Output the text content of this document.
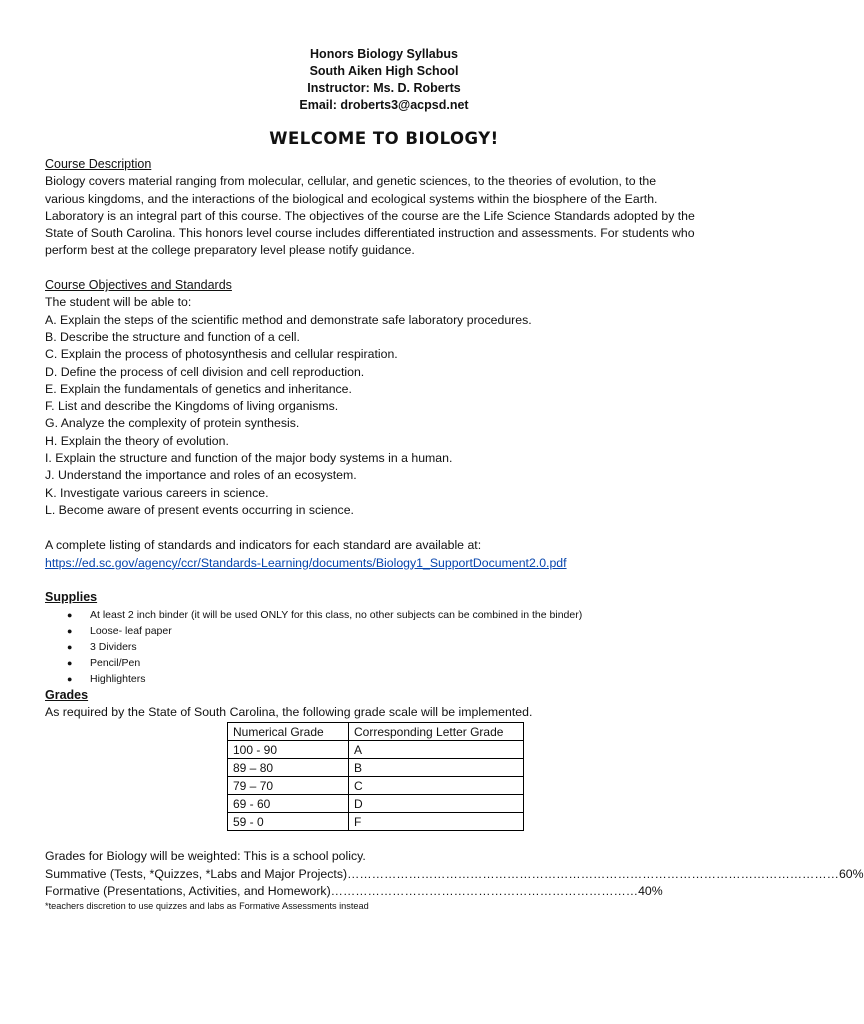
Honors Biology Syllabus
South Aiken High School
Instructor: Ms. D. Roberts
Email: droberts3@acpsd.net
WELCOME TO BIOLOGY!
Course Description
Biology covers material ranging from molecular, cellular, and genetic sciences, to the theories of evolution, to the
various kingdoms, and the interactions of the biological and ecological systems within the biosphere of the Earth.
Laboratory is an integral part of this course. The objectives of the course are the Life Science Standards adopted by the
State of South Carolina. This honors level course includes differentiated instruction and assessments. For students who
perform best at the college preparatory level please notify guidance.
Course Objectives and Standards
The student will be able to:
A. Explain the steps of the scientific method and demonstrate safe laboratory procedures.
B. Describe the structure and function of a cell.
C. Explain the process of photosynthesis and cellular respiration.
D. Define the process of cell division and cell reproduction.
E. Explain the fundamentals of genetics and inheritance.
F. List and describe the Kingdoms of living organisms.
G. Analyze the complexity of protein synthesis.
H. Explain the theory of evolution.
I. Explain the structure and function of the major body systems in a human.
J. Understand the importance and roles of an ecosystem.
K. Investigate various careers in science.
L. Become aware of present events occurring in science.
A complete listing of standards and indicators for each standard are available at:
https://ed.sc.gov/agency/ccr/Standards-Learning/documents/Biology1_SupportDocument2.0.pdf
Supplies
● At least 2 inch binder (it will be used ONLY for this class, no other subjects can be combined in the binder)
● Loose- leaf paper
● 3 Dividers
● Pencil/Pen
● Highlighters
Grades
As required by the State of South Carolina, the following grade scale will be implemented.
Numerical Grade	Corresponding Letter Grade
100 - 90	A
89 – 80	B
79 – 70	C
69 - 60	D
59 - 0	F
Grades for Biology will be weighted: This is a school policy.
Summative (Tests, *Quizzes, *Labs and Major Projects)…………………………………………………………………………………………………………60%
Formative (Presentations, Activities, and Homework)…………………………………………………………………40%
*teachers discretion to use quizzes and labs as Formative Assessments instead
